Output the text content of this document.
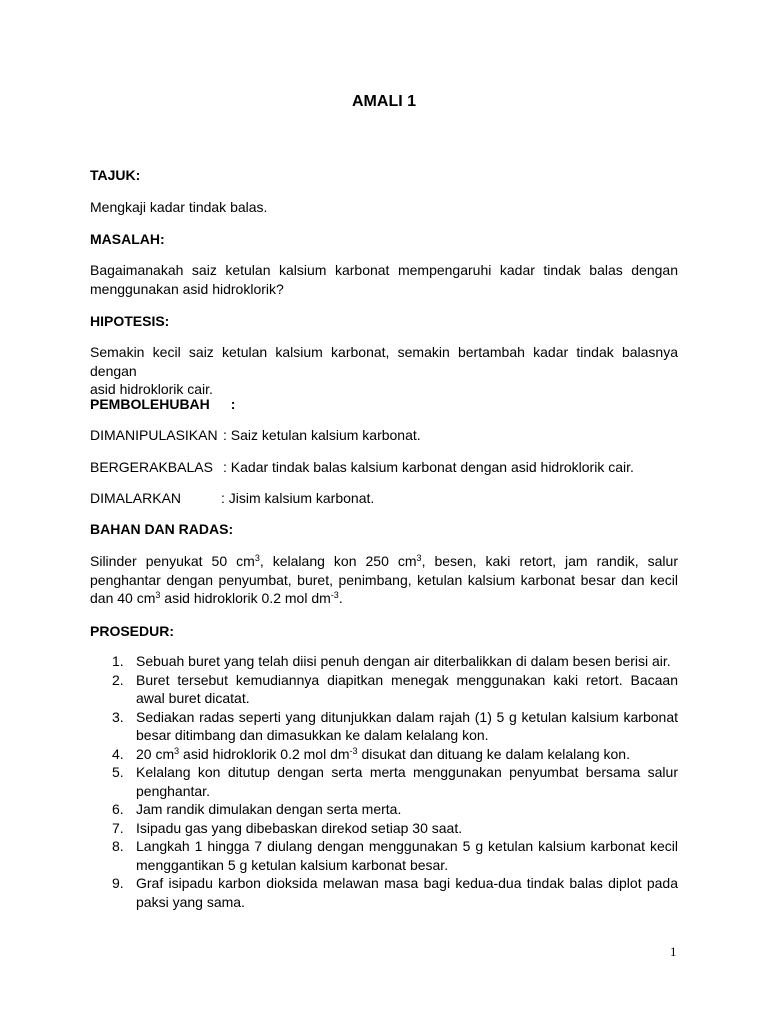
AMALI 1
TAJUK:
Mengkaji kadar tindak balas.
MASALAH:
Bagaimanakah saiz ketulan kalsium karbonat mempengaruhi kadar tindak balas dengan
menggunakan asid hidroklorik?
HIPOTESIS:
Semakin kecil saiz ketulan kalsium karbonat, semakin bertambah kadar tindak balasnya dengan
asid hidroklorik cair.
PEMBOLEHUBAH :
DIMANIPULASIKAN : Saiz ketulan kalsium karbonat.
BERGERAKBALAS : Kadar tindak balas kalsium karbonat dengan asid hidroklorik cair.
DIMALARKAN	: Jisim kalsium karbonat.
BAHAN DAN RADAS:
Silinder penyukat 50 $cm^3$, kelalang kon 250 $cm^3$, besen, kaki retort, jam randik, salur
penghantar dengan penyumbat, buret, penimbang, ketulan kalsium karbonat besar dan kecil
dan 40 $cm^3$ asid hidroklorik 0.2 mol $dm^{-3}$.
PROSEDUR:
1. Sebuah buret yang telah diisi penuh dengan air diterbalikkan di dalam besen berisi air.
2. Buret tersebut kemudiannya diapitkan menegak menggunakan kaki retort. Bacaan awal buret dicatat.
3. Sediakan radas seperti yang ditunjukkan dalam rajah (1) 5 g ketulan kalsium karbonat besar ditimbang dan dimasukkan ke dalam kelalang kon.
4. 20 $cm^3$ asid hidroklorik 0.2 mol $dm^{-3}$ disukat dan dituang ke dalam kelalang kon.
5. Kelalang kon ditutup dengan serta merta menggunakan penyumbat bersama salur penghantar.
6. Jam randik dimulakan dengan serta merta.
7. Isipadu gas yang dibebaskan direkod setiap 30 saat.
8. Langkah 1 hingga 7 diulang dengan menggunakan 5 g ketulan kalsium karbonat kecil menggantikan 5 g ketulan kalsium karbonat besar.
9. Graf isipadu karbon dioksida melawan masa bagi kedua-dua tindak balas diplot pada paksi yang sama.
1
